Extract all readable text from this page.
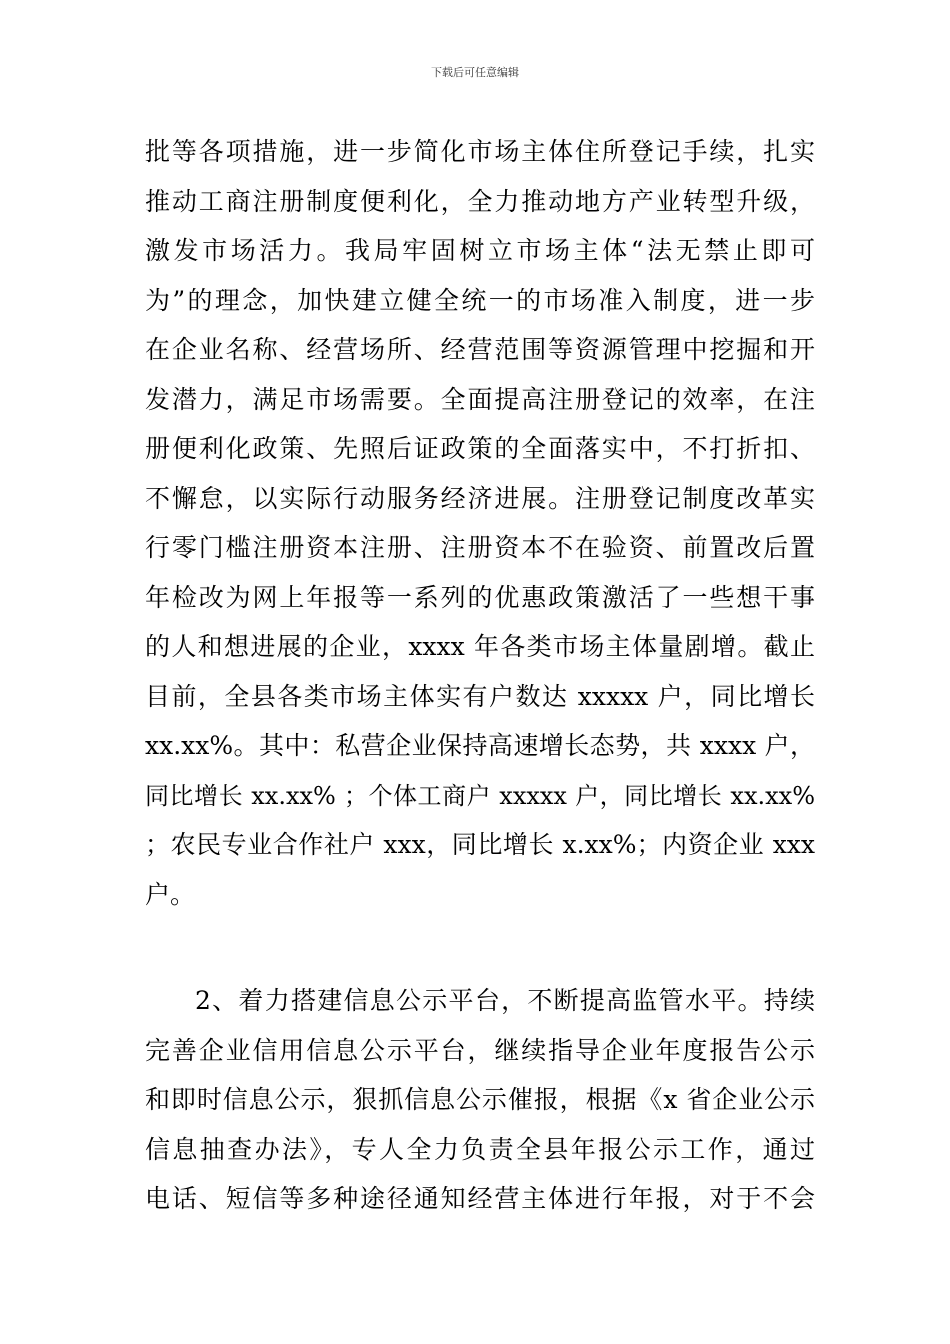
下载后可任意编辑
批等各项措施，进一步简化市场主体住所登记手续，扎实
推动工商注册制度便利化，全力推动地方产业转型升级，
激发市场活力。我局牢固树立市场主体“法无禁止即可
为”的理念，加快建立健全统一的市场准入制度，进一步
在企业名称、经营场所、经营范围等资源管理中挖掘和开
发潜力，满足市场需要。全面提高注册登记的效率，在注
册便利化政策、先照后证政策的全面落实中，不打折扣、
不懈怠，以实际行动服务经济进展。注册登记制度改革实
行零门槛注册资本注册、注册资本不在验资、前置改后置
年检改为网上年报等一系列的优惠政策激活了一些想干事
的人和想进展的企业，xxxx 年各类市场主体量剧增。截止
目前，全县各类市场主体实有户数达 xxxxx 户，同比增长
xx.xx%。其中：私营企业保持高速增长态势，共 xxxx 户，
同比增长 xx.xx% ；个体工商户 xxxxx 户，同比增长 xx.xx%
；农民专业合作社户 xxx，同比增长 x.xx%；内资企业 xxx
户。
2、着力搭建信息公示平台，不断提高监管水平。持续
完善企业信用信息公示平台，继续指导企业年度报告公示
和即时信息公示，狠抓信息公示催报，根据《x 省企业公示
信息抽查办法》，专人全力负责全县年报公示工作，通过
电话、短信等多种途径通知经营主体进行年报，对于不会
